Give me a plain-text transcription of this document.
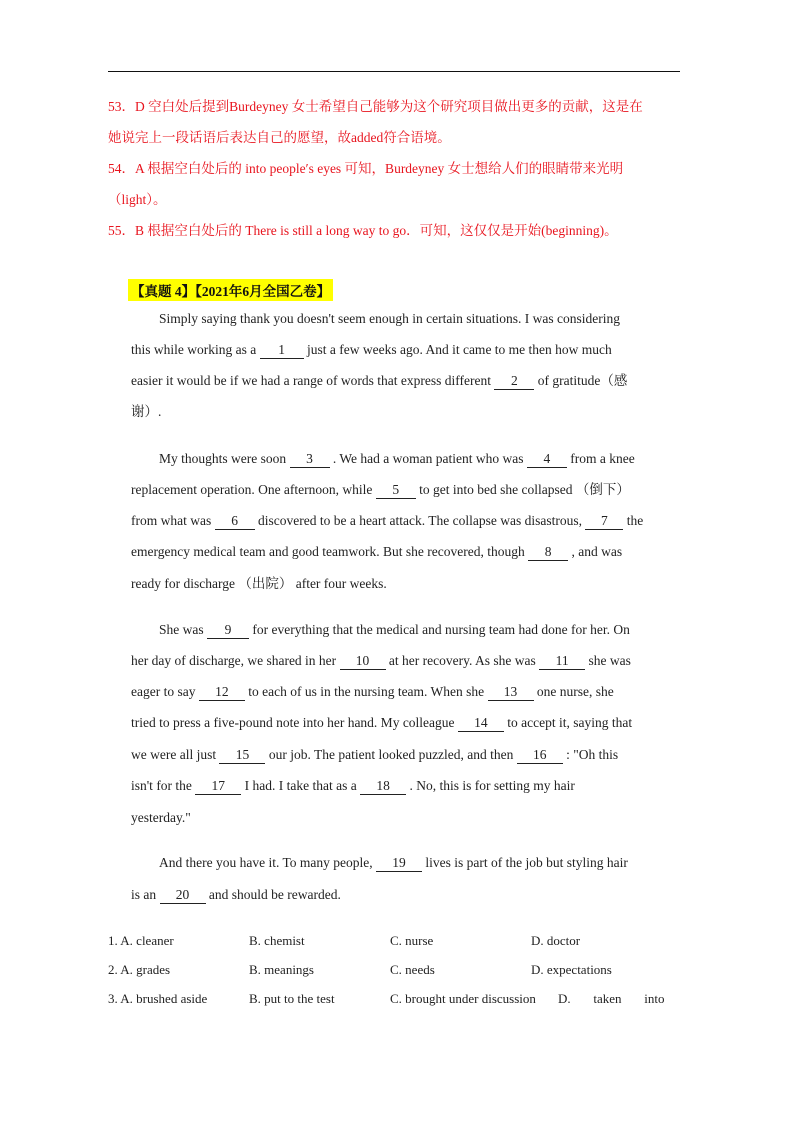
53．D 空白处后提到Burdeyney 女士希望自己能够为这个研究项目做出更多的贡献，这是在
她说完上一段话语后表达自己的愿望，故added符合语境。
54．A 根据空白处后的 into people′s eyes 可知，Burdeyney 女士想给人们的眼睛带来光明
（light）。
55．B 根据空白处后的 There is still a long way to go．可知，这仅仅是开始(beginning)。
【真题 4】【2021年6月全国乙卷】
Simply saying thank you doesn't seem enough in certain situations. I was considering
this while working as a 1 just a few weeks ago. And it came to me then how much
easier it would be if we had a range of words that express different 2 of gratitude（感
谢）.
My thoughts were soon 3 . We had a woman patient who was 4 from a knee
replacement operation. One afternoon, while 5 to get into bed she collapsed （倒下）
from what was 6 discovered to be a heart attack. The collapse was disastrous, 7 the
emergency medical team and good teamwork. But she recovered, though 8 , and was
ready for discharge （出院） after four weeks.
She was 9 for everything that the medical and nursing team had done for her. On
her day of discharge, we shared in her 10 at her recovery. As she was 11 she was
eager to say 12 to each of us in the nursing team. When she 13 one nurse, she
tried to press a five-pound note into her hand. My colleague 14 to accept it, saying that
we were all just 15 our job. The patient looked puzzled, and then 16 : "Oh this
isn't for the 17 I had. I take that as a 18 . No, this is for setting my hair
yesterday."
And there you have it. To many people, 19 lives is part of the job but styling hair
is an 20 and should be rewarded.
1. A. cleaner	B. chemist	C. nurse	D. doctor
2. A. grades	B. meanings	C. needs	D. expectations
3. A. brushed aside	B. put to the test	C. brought under discussion D.       taken       into
